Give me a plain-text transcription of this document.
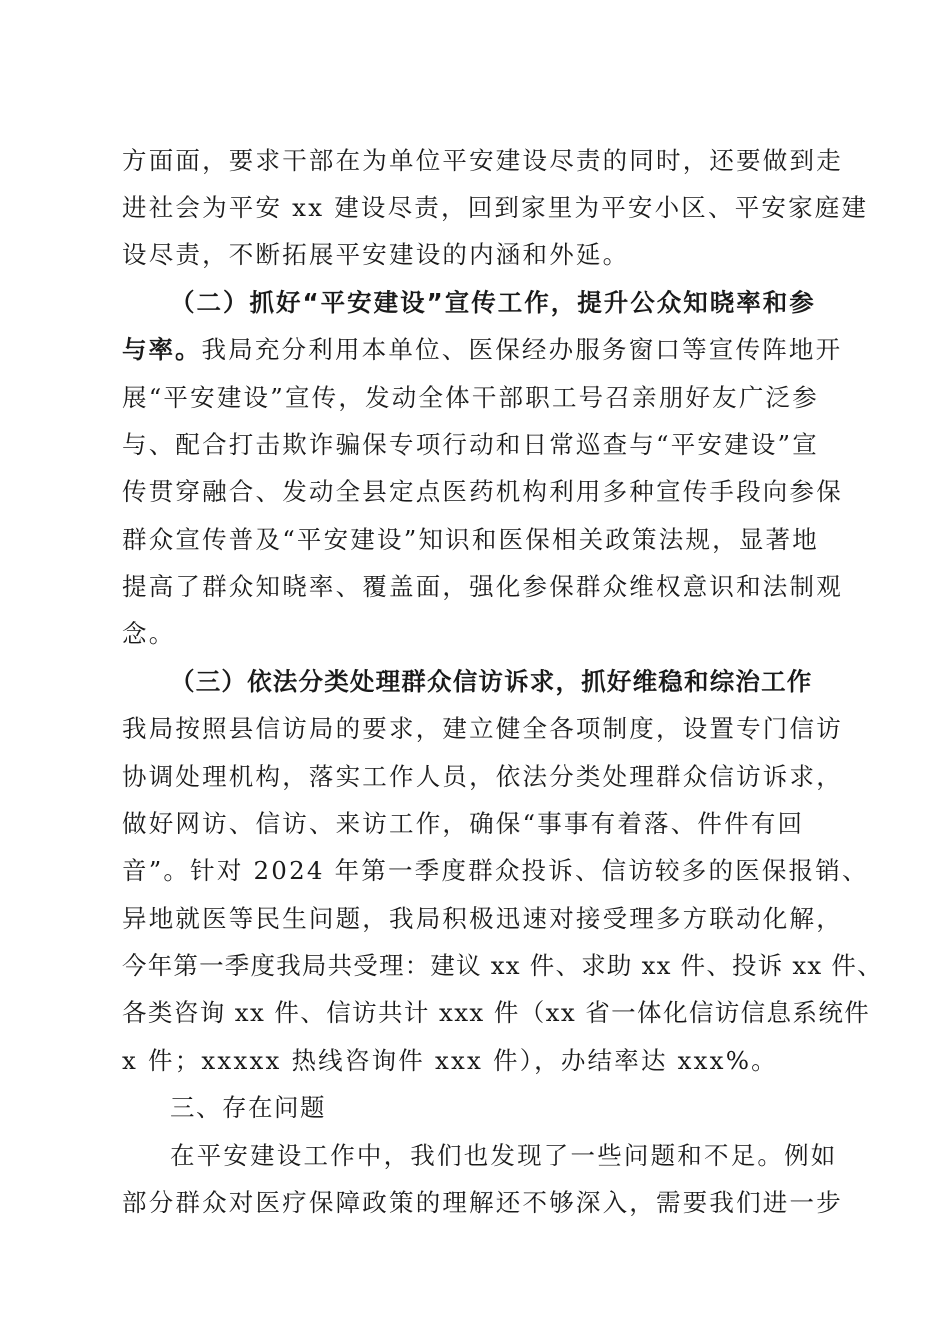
方面面，要求干部在为单位平安建设尽责的同时，还要做到走
进社会为平安 xx 建设尽责，回到家里为平安小区、平安家庭建
设尽责，不断拓展平安建设的内涵和外延。
（二）抓好“平安建设”宣传工作，提升公众知晓率和参
与率。我局充分利用本单位、医保经办服务窗口等宣传阵地开
展“平安建设”宣传，发动全体干部职工号召亲朋好友广泛参
与、配合打击欺诈骗保专项行动和日常巡查与“平安建设”宣
传贯穿融合、发动全县定点医药机构利用多种宣传手段向参保
群众宣传普及“平安建设”知识和医保相关政策法规，显著地
提高了群众知晓率、覆盖面，强化参保群众维权意识和法制观
念。
（三）依法分类处理群众信访诉求，抓好维稳和综治工作
我局按照县信访局的要求，建立健全各项制度，设置专门信访
协调处理机构，落实工作人员，依法分类处理群众信访诉求，
做好网访、信访、来访工作，确保“事事有着落、件件有回
音”。针对 2024 年第一季度群众投诉、信访较多的医保报销、
异地就医等民生问题，我局积极迅速对接受理多方联动化解，
今年第一季度我局共受理：建议 xx 件、求助 xx 件、投诉 xx 件、
各类咨询 xx 件、信访共计 xxx 件（xx 省一体化信访信息系统件
x 件；xxxxx 热线咨询件 xxx 件），办结率达 xxx%。
三、存在问题
在平安建设工作中，我们也发现了一些问题和不足。例如
部分群众对医疗保障政策的理解还不够深入，需要我们进一步
